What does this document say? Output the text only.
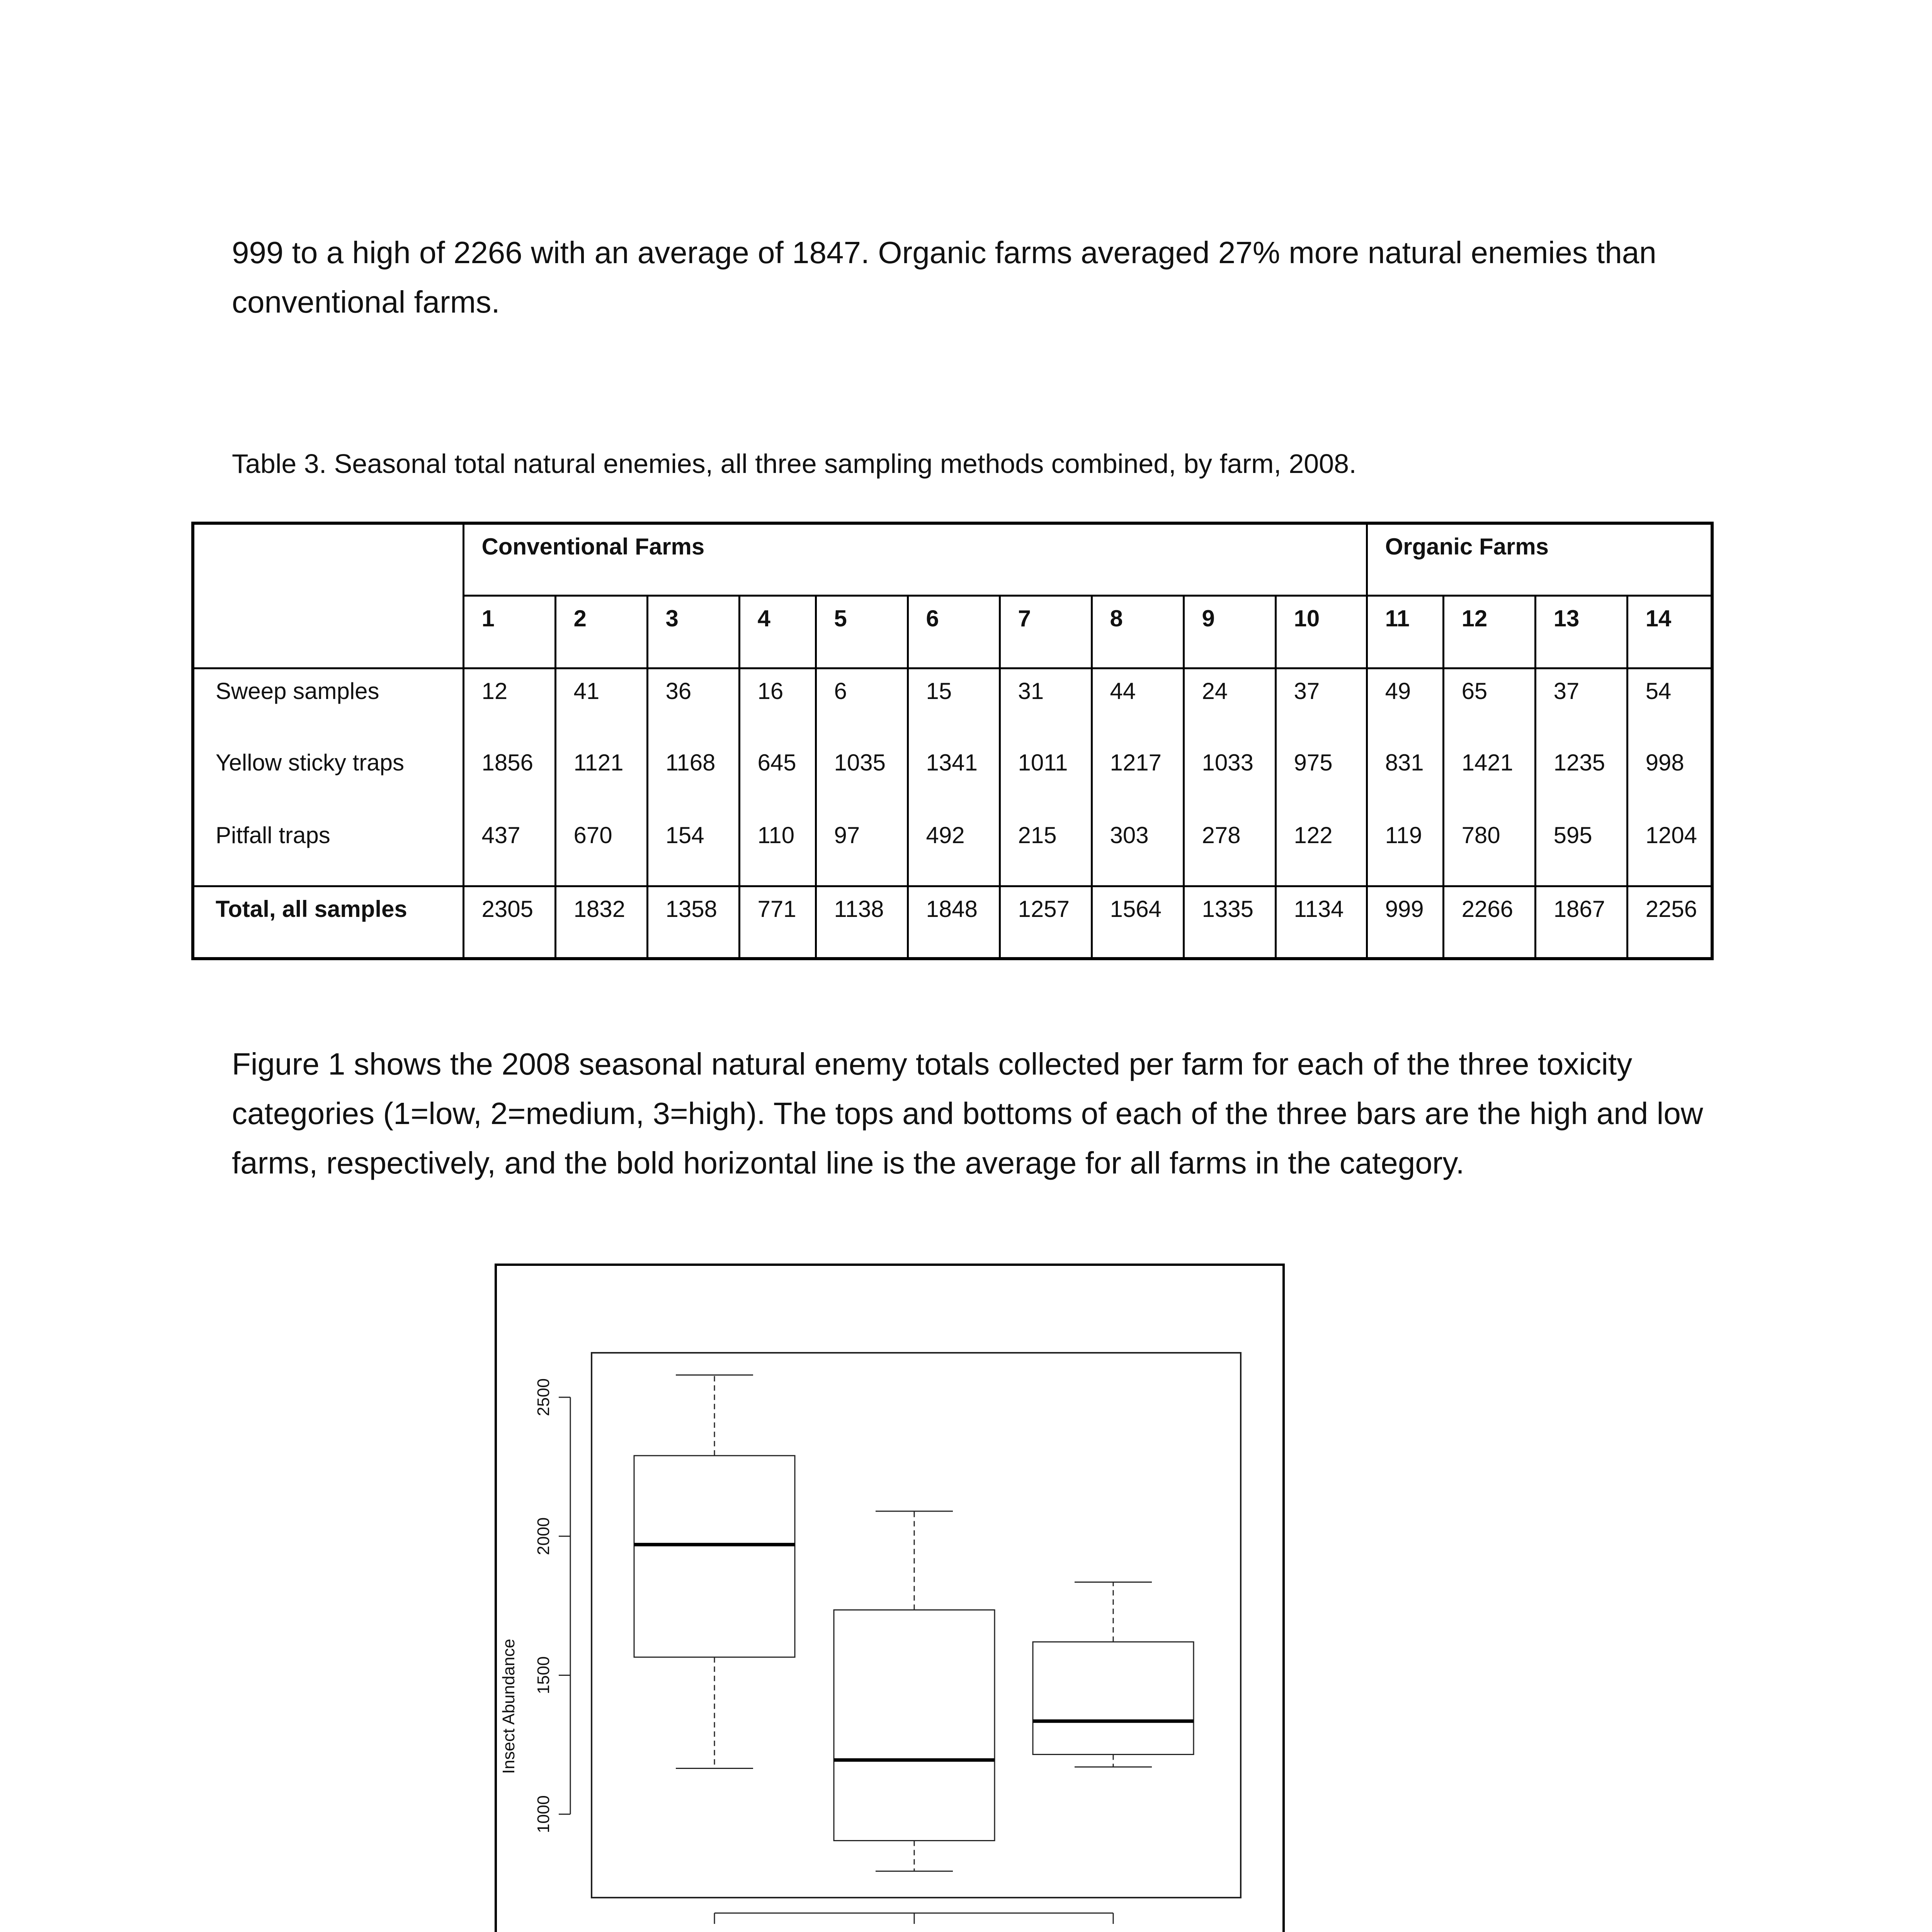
999 to a high of 2266 with an average of 1847. Organic farms averaged 27% more natural enemies than conventional farms.

Table 3. Seasonal total natural enemies, all three sampling methods combined, by farm, 2008.

	Conventional Farms										Organic Farms			
	1	2	3	4	5	6	7	8	9	10	11	12	13	14
Sweep samples	12	41	36	16	6	15	31	44	24	37	49	65	37	54
Yellow sticky traps	1856	1121	1168	645	1035	1341	1011	1217	1033	975	831	1421	1235	998
Pitfall traps	437	670	154	110	97	492	215	303	278	122	119	780	595	1204
Total, all samples	2305	1832	1358	771	1138	1848	1257	1564	1335	1134	999	2266	1867	2256

Figure 1 shows the 2008 seasonal natural enemy totals collected per farm for each of the three toxicity categories (1=low, 2=medium, 3=high). The tops and bottoms of each of the three bars are the high and low farms, respectively, and the bold horizontal line is the average for all farms in the category.

1000
1500
2000
2500
Insect Abundance
